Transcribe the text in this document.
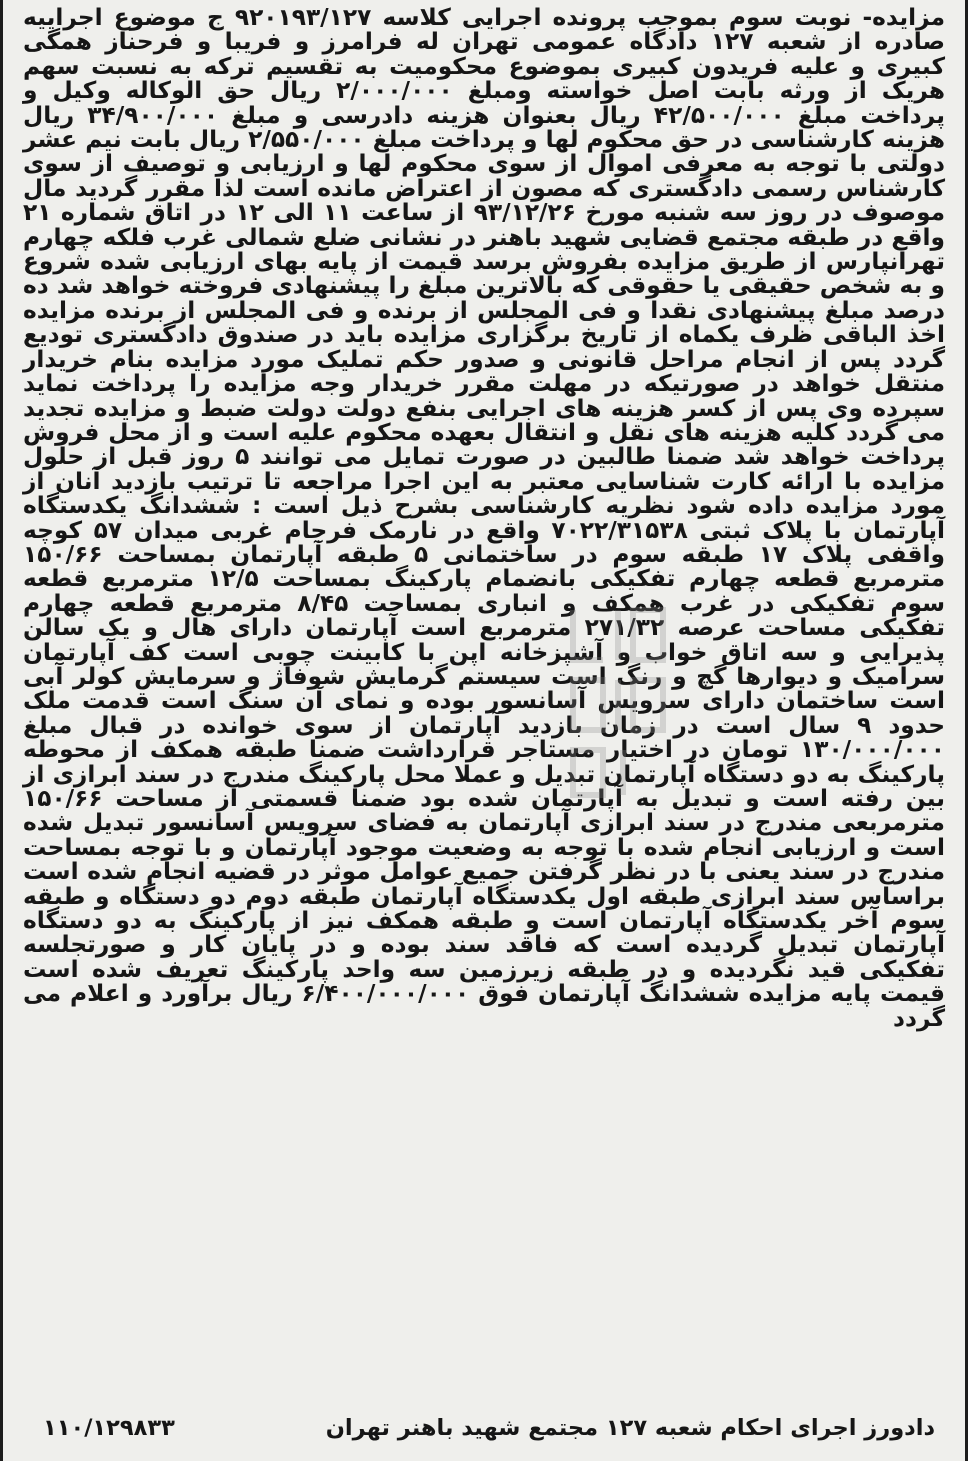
مزایده- نوبت سوم بموجب پرونده اجرایی کلاسه ۹۲۰۱۹۳/۱۲۷ ج موضوع اجراییه صادره از شعبه ۱۲۷ دادگاه عمومی تهران له فرامرز و فریبا و فرحناز همگی کبیری و علیه فریدون کبیری بموضوع محکومیت به تقسیم ترکه به نسبت سهم هریک از ورثه بابت اصل خواسته ومبلغ ۲/۰۰۰/۰۰۰ ریال حق الوکاله وکیل و پرداخت مبلغ ۴۲/۵۰۰/۰۰۰ ریال بعنوان هزینه دادرسی و مبلغ ۳۴/۹۰۰/۰۰۰ ریال هزینه کارشناسی در حق محکوم لها و پرداخت مبلغ ۲/۵۵۰/۰۰۰ ریال بابت نیم عشر دولتی با توجه به معرفی اموال از سوی محکوم لها و ارزیابی و توصیف از سوی کارشناس رسمی دادگستری که مصون از اعتراض مانده است لذا مقرر گردید مال موصوف در روز سه شنبه مورخ ۹۳/۱۲/۲۶ از ساعت ۱۱ الی ۱۲ در اتاق شماره ۲۱ واقع در طبقه مجتمع قضایی شهید باهنر در نشانی ضلع شمالی غرب فلکه چهارم تهرانپارس از طریق مزایده بفروش برسد قیمت از پایه بهای ارزیابی شده شروع و به شخص حقیقی یا حقوقی که بالاترین مبلغ را پیشنهادی فروخته خواهد شد ده درصد مبلغ پیشنهادی نقدا و فی المجلس از برنده و فی المجلس از برنده مزایده اخذ الباقی ظرف یکماه از تاریخ برگزاری مزایده باید در صندوق دادگستری تودیع گردد پس از انجام مراحل قانونی و صدور حکم تملیک مورد مزایده بنام خریدار منتقل خواهد در صورتیکه در مهلت مقرر خریدار وجه مزایده را پرداخت نماید سپرده وی پس از کسر هزینه های اجرایی بنفع دولت دولت ضبط و مزایده تجدید می گردد کلیه هزینه های نقل و انتقال بعهده محکوم علیه است و از محل فروش پرداخت خواهد شد ضمنا طالبین در صورت تمایل می توانند ۵ روز قبل از حلول مزایده با ارائه کارت شناسایی معتبر به این اجرا مراجعه تا ترتیب بازدید آنان از مورد مزایده داده شود نظریه کارشناسی بشرح ذیل است : ششدانگ یکدستگاه آپارتمان با پلاک ثبتی ۷۰۲۲/۳۱۵۳۸ واقع در نارمک فرجام غربی میدان ۵۷ کوچه واقفی پلاک ۱۷ طبقه سوم در ساختمانی ۵ طبقه آپارتمان بمساحت ۱۵۰/۶۶ مترمربع قطعه چهارم تفکیکی بانضمام پارکینگ بمساحت ۱۲/۵ مترمربع قطعه سوم تفکیکی در غرب همکف و انباری بمساحت ۸/۴۵ مترمربع قطعه چهارم تفکیکی مساحت عرصه ۲۷۱/۳۲ مترمربع است آپارتمان دارای هال و یک سالن پذیرایی و سه اتاق خواب و آشپزخانه اپن با کابینت چوبی است کف آپارتمان سرامیک و دیوارها گچ و رنگ است سیستم گرمایش شوفاژ و سرمایش کولر آبی است ساختمان دارای سرویس آسانسور بوده و نمای آن سنگ است قدمت ملک حدود ۹ سال است در زمان بازدید آپارتمان از سوی خوانده در قبال مبلغ ۱۳۰/۰۰۰/۰۰۰ تومان در اختیار مستاجر قرارداشت ضمنا طبقه همکف از محوطه پارکینگ به دو دستگاه آپارتمان تبدیل و عملا محل پارکینگ مندرج در سند ابرازی از بین رفته است و تبدیل به آپارتمان شده بود ضمنا قسمتی از مساحت ۱۵۰/۶۶ مترمربعی مندرج در سند ابرازی آپارتمان به فضای سرویس آسانسور تبدیل شده است و ارزیابی انجام شده با توجه به وضعیت موجود آپارتمان و با توجه بمساحت مندرج در سند یعنی با در نظر گرفتن جمیع عوامل موثر در قضیه انجام شده است براساس سند ابرازی طبقه اول یکدستگاه آپارتمان طبقه دوم دو دستگاه و طبقه سوم آخر یکدستگاه آپارتمان است و طبقه همکف نیز از پارکینگ به دو دستگاه آپارتمان تبدیل گردیده است که فاقد سند بوده و در پایان کار و صورتجلسه تفکیکی قید نگردیده و در طبقه زیرزمین سه واحد پارکینگ تعریف شده است قیمت پایه مزایده ششدانگ آپارتمان فوق ۶/۴۰۰/۰۰۰/۰۰۰ ریال برآورد و اعلام می گردد
دادورز اجرای احکام شعبه ۱۲۷ مجتمع شهید باهنر تهران
۱۱۰/۱۲۹۸۳۳
